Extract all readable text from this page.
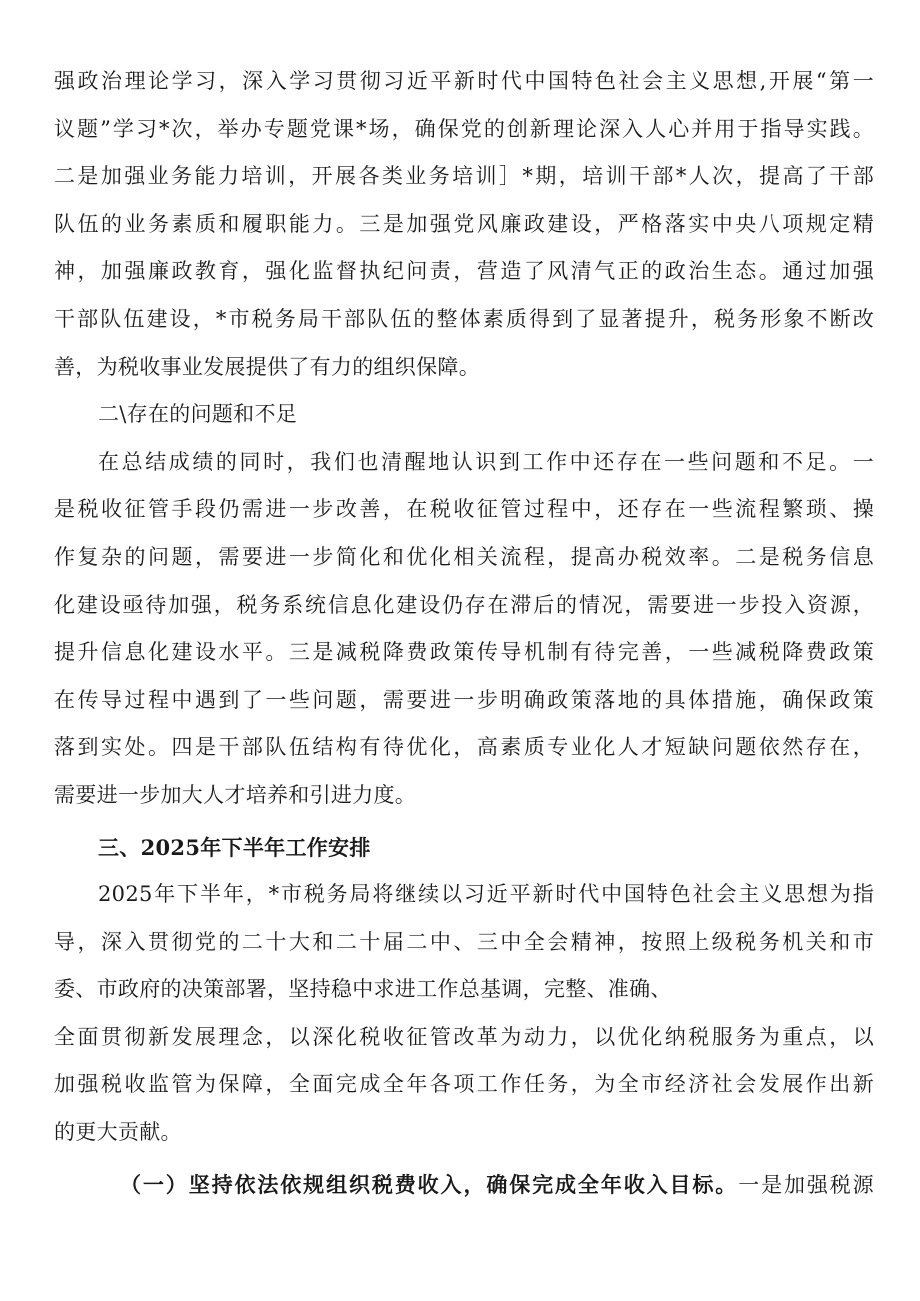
强政治理论学习，深入学习贯彻习近平新时代中国特色社会主义思想,开展“第一
议题”学习*次，举办专题党课*场，确保党的创新理论深入人心并用于指导实践。
二是加强业务能力培训，开展各类业务培训］*期，培训干部*人次，提高了干部
队伍的业务素质和履职能力。三是加强党风廉政建设，严格落实中央八项规定精
神，加强廉政教育，强化监督执纪问责，营造了风清气正的政治生态。通过加强
干部队伍建设，*市税务局干部队伍的整体素质得到了显著提升，税务形象不断改
善，为税收事业发展提供了有力的组织保障。
二\存在的问题和不足
在总结成绩的同时，我们也清醒地认识到工作中还存在一些问题和不足。一
是税收征管手段仍需进一步改善，在税收征管过程中，还存在一些流程繁琐、操
作复杂的问题，需要进一步简化和优化相关流程，提高办税效率。二是税务信息
化建设亟待加强，税务系统信息化建设仍存在滞后的情况，需要进一步投入资源，
提升信息化建设水平。三是减税降费政策传导机制有待完善，一些减税降费政策
在传导过程中遇到了一些问题，需要进一步明确政策落地的具体措施，确保政策
落到实处。四是干部队伍结构有待优化，高素质专业化人才短缺问题依然存在，
需要进一步加大人才培养和引进力度。
三、2025年下半年工作安排
2025年下半年，*市税务局将继续以习近平新时代中国特色社会主义思想为指
导，深入贯彻党的二十大和二十届二中、三中全会精神，按照上级税务机关和市
委、市政府的决策部署，坚持稳中求进工作总基调，完整、准确、
全面贯彻新发展理念，以深化税收征管改革为动力，以优化纳税服务为重点，以
加强税收监管为保障，全面完成全年各项工作任务，为全市经济社会发展作出新
的更大贡献。
（一）坚持依法依规组织税费收入，确保完成全年收入目标。一是加强税源
